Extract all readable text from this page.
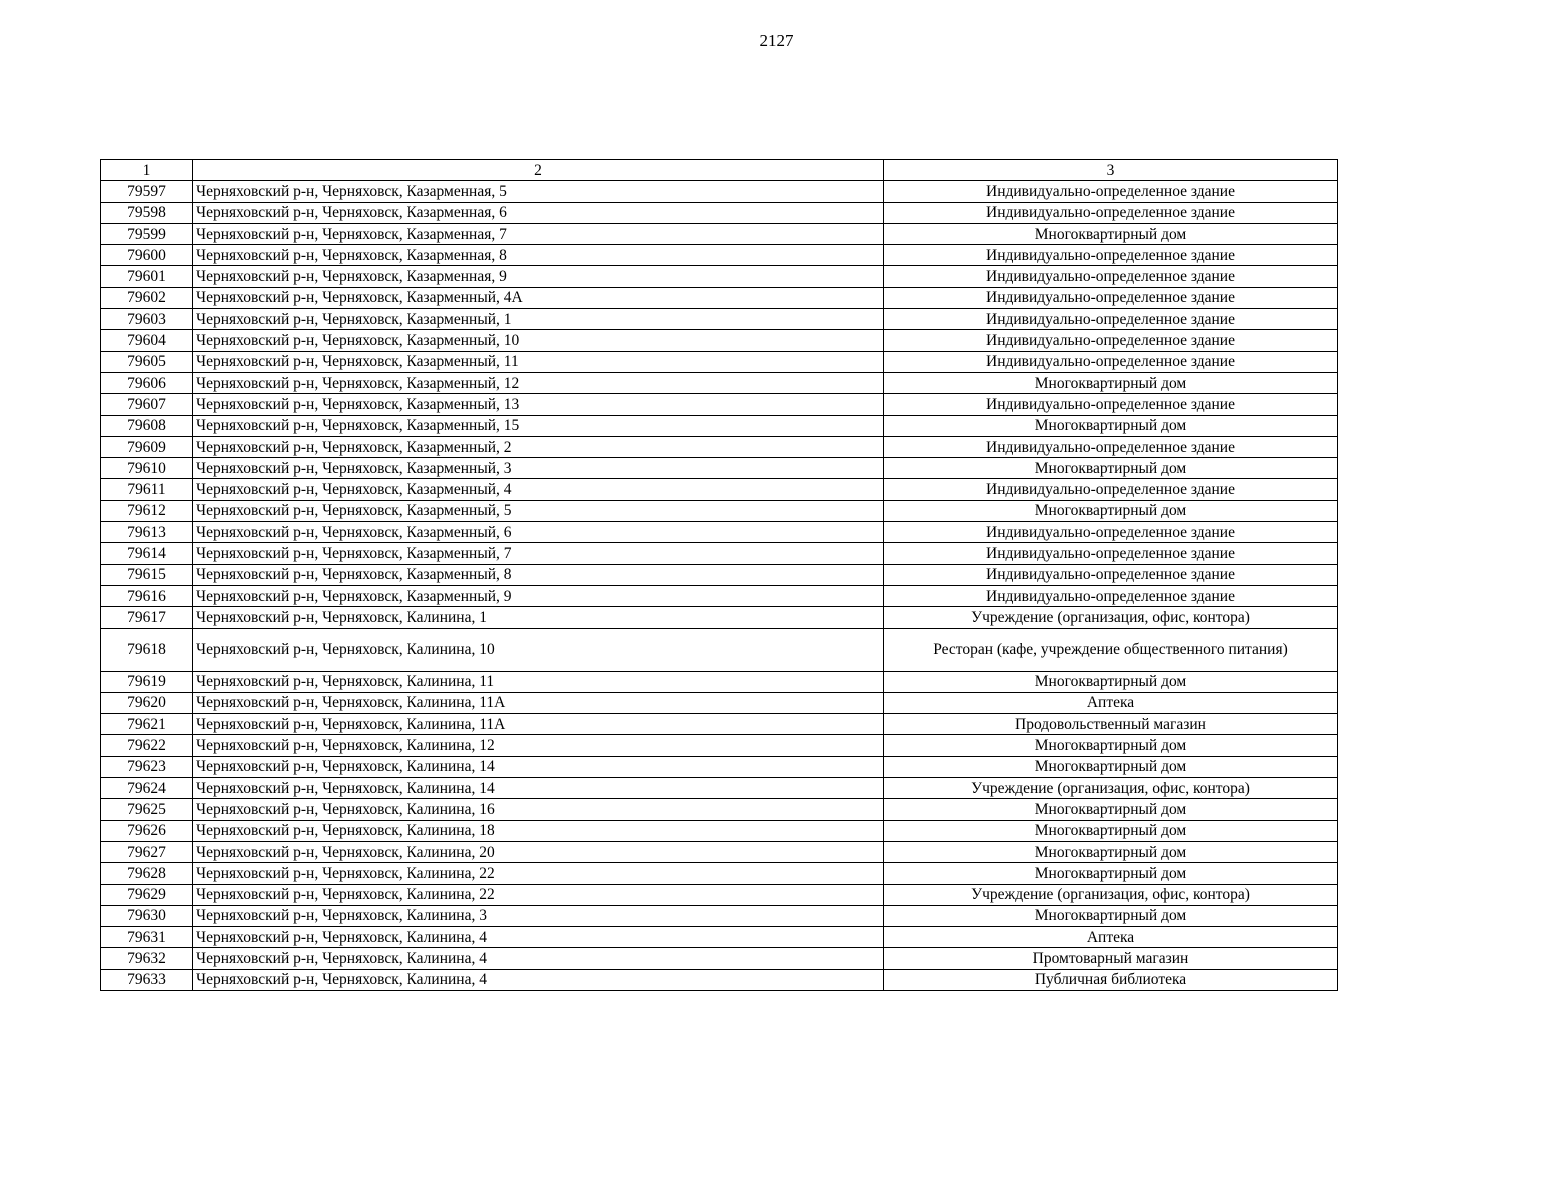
2127
1	2	3
79597	Черняховский р-н, Черняховск, Казарменная, 5	Индивидуально-определенное здание
79598	Черняховский р-н, Черняховск, Казарменная, 6	Индивидуально-определенное здание
79599	Черняховский р-н, Черняховск, Казарменная, 7	Многоквартирный дом
79600	Черняховский р-н, Черняховск, Казарменная, 8	Индивидуально-определенное здание
79601	Черняховский р-н, Черняховск, Казарменная, 9	Индивидуально-определенное здание
79602	Черняховский р-н, Черняховск, Казарменный, 4А	Индивидуально-определенное здание
79603	Черняховский р-н, Черняховск, Казарменный, 1	Индивидуально-определенное здание
79604	Черняховский р-н, Черняховск, Казарменный, 10	Индивидуально-определенное здание
79605	Черняховский р-н, Черняховск, Казарменный, 11	Индивидуально-определенное здание
79606	Черняховский р-н, Черняховск, Казарменный, 12	Многоквартирный дом
79607	Черняховский р-н, Черняховск, Казарменный, 13	Индивидуально-определенное здание
79608	Черняховский р-н, Черняховск, Казарменный, 15	Многоквартирный дом
79609	Черняховский р-н, Черняховск, Казарменный, 2	Индивидуально-определенное здание
79610	Черняховский р-н, Черняховск, Казарменный, 3	Многоквартирный дом
79611	Черняховский р-н, Черняховск, Казарменный, 4	Индивидуально-определенное здание
79612	Черняховский р-н, Черняховск, Казарменный, 5	Многоквартирный дом
79613	Черняховский р-н, Черняховск, Казарменный, 6	Индивидуально-определенное здание
79614	Черняховский р-н, Черняховск, Казарменный, 7	Индивидуально-определенное здание
79615	Черняховский р-н, Черняховск, Казарменный, 8	Индивидуально-определенное здание
79616	Черняховский р-н, Черняховск, Казарменный, 9	Индивидуально-определенное здание
79617	Черняховский р-н, Черняховск, Калинина, 1	Учреждение (организация, офис, контора)
79618	Черняховский р-н, Черняховск, Калинина, 10	Ресторан (кафе, учреждение общественного питания)
79619	Черняховский р-н, Черняховск, Калинина, 11	Многоквартирный дом
79620	Черняховский р-н, Черняховск, Калинина, 11А	Аптека
79621	Черняховский р-н, Черняховск, Калинина, 11А	Продовольственный магазин
79622	Черняховский р-н, Черняховск, Калинина, 12	Многоквартирный дом
79623	Черняховский р-н, Черняховск, Калинина, 14	Многоквартирный дом
79624	Черняховский р-н, Черняховск, Калинина, 14	Учреждение (организация, офис, контора)
79625	Черняховский р-н, Черняховск, Калинина, 16	Многоквартирный дом
79626	Черняховский р-н, Черняховск, Калинина, 18	Многоквартирный дом
79627	Черняховский р-н, Черняховск, Калинина, 20	Многоквартирный дом
79628	Черняховский р-н, Черняховск, Калинина, 22	Многоквартирный дом
79629	Черняховский р-н, Черняховск, Калинина, 22	Учреждение (организация, офис, контора)
79630	Черняховский р-н, Черняховск, Калинина, 3	Многоквартирный дом
79631	Черняховский р-н, Черняховск, Калинина, 4	Аптека
79632	Черняховский р-н, Черняховск, Калинина, 4	Промтоварный магазин
79633	Черняховский р-н, Черняховск, Калинина, 4	Публичная библиотека
